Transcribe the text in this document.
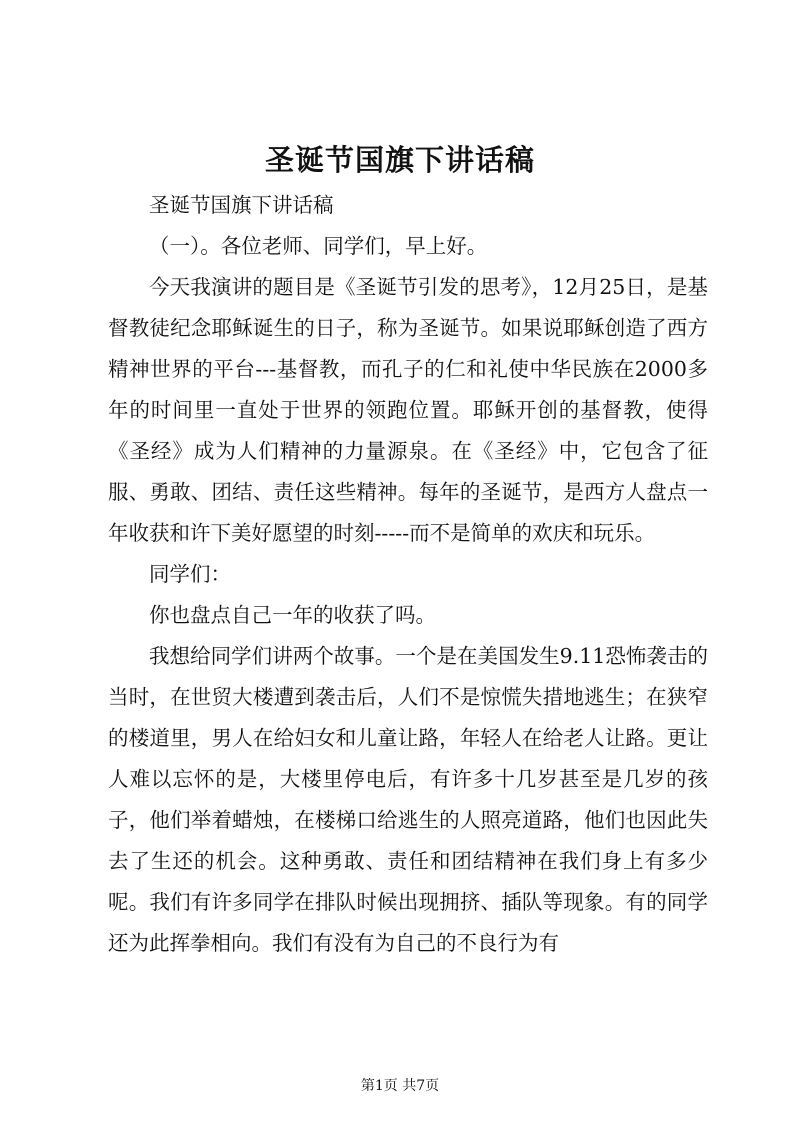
圣诞节国旗下讲话稿

圣诞节国旗下讲话稿

（一）。各位老师、同学们，早上好。

今天我演讲的题目是《圣诞节引发的思考》，12月25日，是基督教徒纪念耶稣诞生的日子，称为圣诞节。如果说耶稣创造了西方精神世界的平台---基督教，而孔子的仁和礼使中华民族在2000多年的时间里一直处于世界的领跑位置。耶稣开创的基督教，使得《圣经》成为人们精神的力量源泉。在《圣经》中，它包含了征服、勇敢、团结、责任这些精神。每年的圣诞节，是西方人盘点一年收获和许下美好愿望的时刻-----而不是简单的欢庆和玩乐。

同学们：

你也盘点自己一年的收获了吗。

我想给同学们讲两个故事。一个是在美国发生9.11恐怖袭击的当时，在世贸大楼遭到袭击后，人们不是惊慌失措地逃生；在狭窄的楼道里，男人在给妇女和儿童让路，年轻人在给老人让路。更让人难以忘怀的是，大楼里停电后，有许多十几岁甚至是几岁的孩子，他们举着蜡烛，在楼梯口给逃生的人照亮道路，他们也因此失去了生还的机会。这种勇敢、责任和团结精神在我们身上有多少呢。我们有许多同学在排队时候出现拥挤、插队等现象。有的同学还为此挥拳相向。我们有没有为自己的不良行为有

第1页 共7页
